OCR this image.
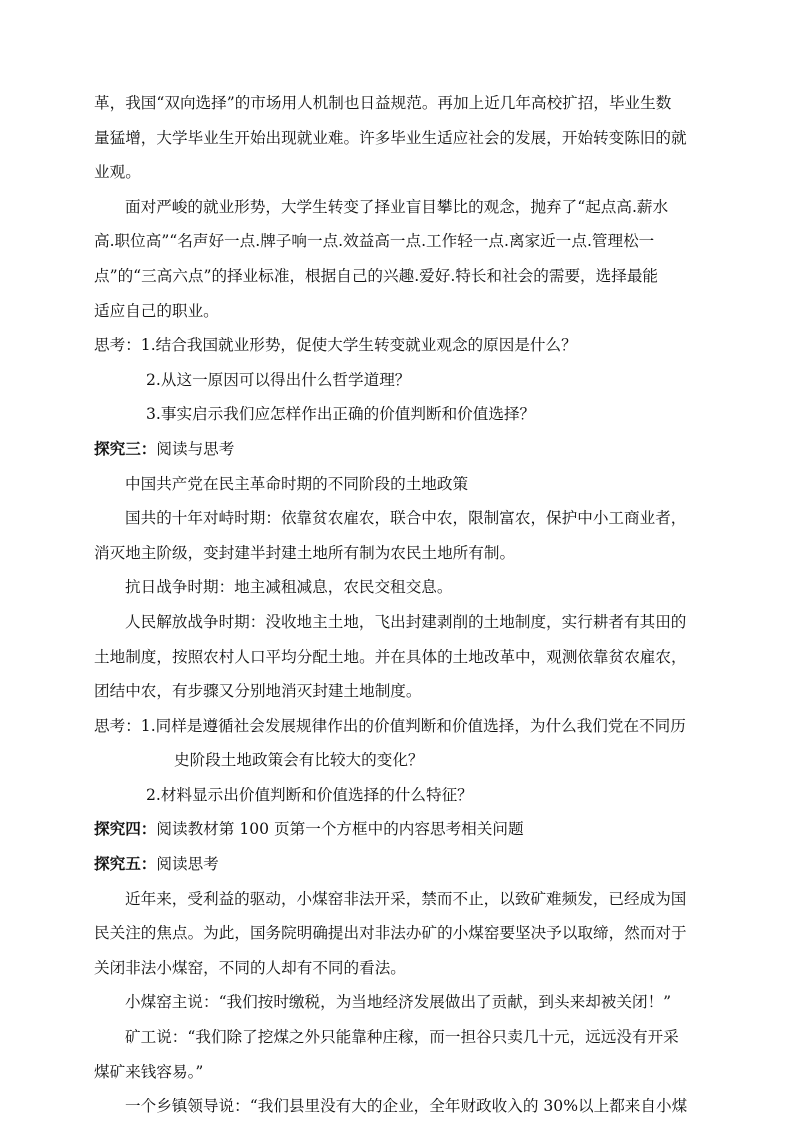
革，我国“双向选择”的市场用人机制也日益规范。再加上近几年高校扩招，毕业生数

量猛增，大学毕业生开始出现就业难。许多毕业生适应社会的发展，开始转变陈旧的就

业观。

面对严峻的就业形势，大学生转变了择业盲目攀比的观念，抛弃了“起点高.薪水

高.职位高”“名声好一点.牌子响一点.效益高一点.工作轻一点.离家近一点.管理松一

点”的“三高六点”的择业标准，根据自己的兴趣.爱好.特长和社会的需要，选择最能

适应自己的职业。

思考：1.结合我国就业形势，促使大学生转变就业观念的原因是什么？

2.从这一原因可以得出什么哲学道理？

3.事实启示我们应怎样作出正确的价值判断和价值选择？

探究三：阅读与思考

中国共产党在民主革命时期的不同阶段的土地政策

国共的十年对峙时期：依靠贫农雇农，联合中农，限制富农，保护中小工商业者，

消灭地主阶级，变封建半封建土地所有制为农民土地所有制。

抗日战争时期：地主减租减息，农民交租交息。

人民解放战争时期：没收地主土地，飞出封建剥削的土地制度，实行耕者有其田的

土地制度，按照农村人口平均分配土地。并在具体的土地改革中，观测依靠贫农雇农，

团结中农，有步骤又分别地消灭封建土地制度。

思考：1.同样是遵循社会发展规律作出的价值判断和价值选择，为什么我们党在不同历

史阶段土地政策会有比较大的变化？

2.材料显示出价值判断和价值选择的什么特征？

探究四：阅读教材第 100 页第一个方框中的内容思考相关问题

探究五：阅读思考

近年来，受利益的驱动，小煤窑非法开采，禁而不止，以致矿难频发，已经成为国

民关注的焦点。为此，国务院明确提出对非法办矿的小煤窑要坚决予以取缔，然而对于

关闭非法小煤窑，不同的人却有不同的看法。

小煤窑主说：“我们按时缴税，为当地经济发展做出了贡献，到头来却被关闭！”

矿工说：“我们除了挖煤之外只能靠种庄稼，而一担谷只卖几十元，远远没有开采

煤矿来钱容易。”

一个乡镇领导说：“我们县里没有大的企业，全年财政收入的 30%以上都来自小煤
